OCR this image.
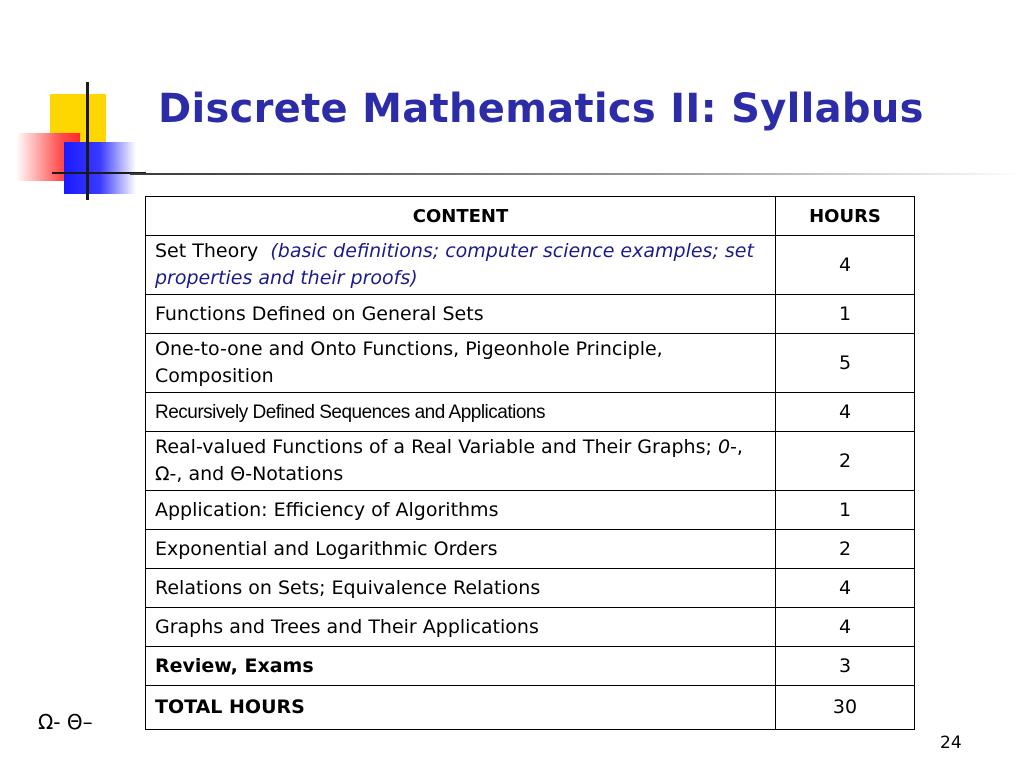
Discrete Mathematics II: Syllabus
CONTENT	HOURS
Set Theory (basic definitions; computer science examples; set properties and their proofs)	4
Functions Defined on General Sets	1
One-to-one and Onto Functions, Pigeonhole Principle, Composition	5
Recursively Defined Sequences and Applications	4
Real-valued Functions of a Real Variable and Their Graphs; 0-, Ω-, and Θ-Notations	2
Application: Efficiency of Algorithms	1
Exponential and Logarithmic Orders	2
Relations on Sets; Equivalence Relations	4
Graphs and Trees and Their Applications	4
Review, Exams	3
TOTAL HOURS	30
Ω- Θ–
24
